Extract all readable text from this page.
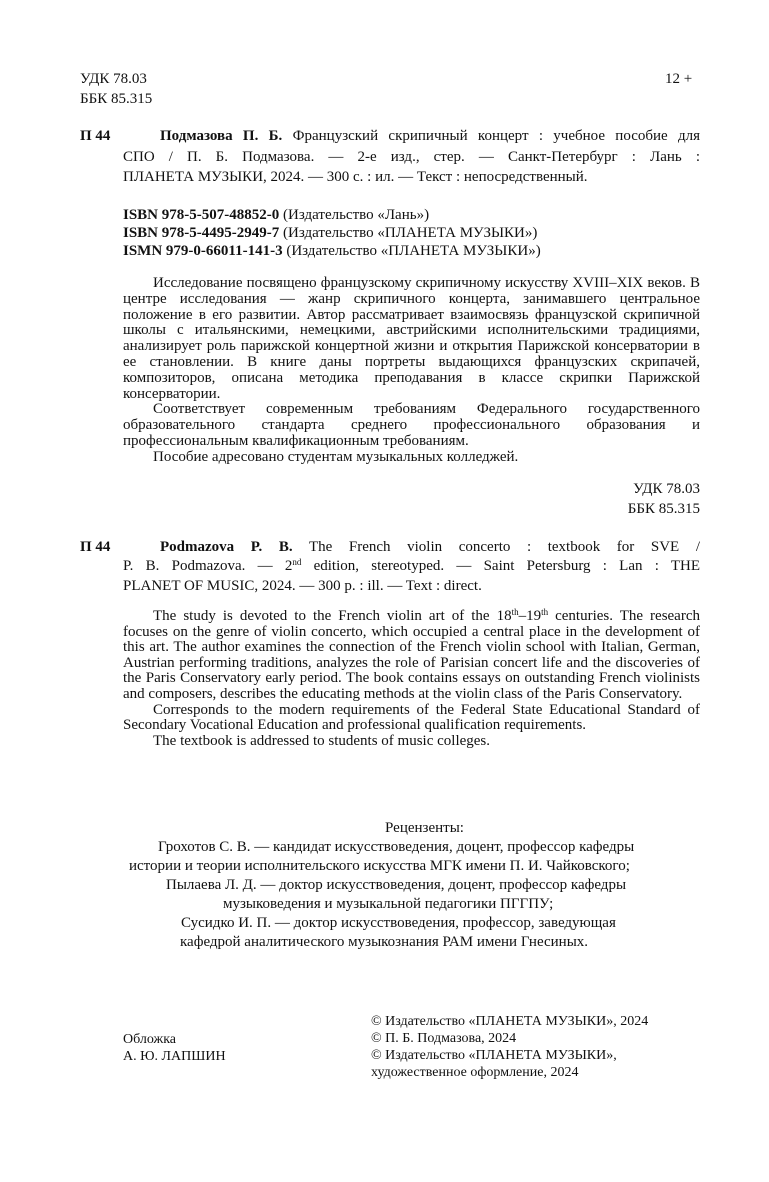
УДК 78.03
ББК 85.315
12 +
П 44	Подмазова П. Б. Французский скрипичный концерт : учебное пособие для
СПО / П. Б. Подмазова. — 2-е изд., стер. — Санкт-Петербург : Лань :
ПЛАНЕТА МУЗЫКИ, 2024. — 300 с. : ил. — Текст : непосредственный.
ISBN 978-5-507-48852-0 (Издательство «Лань»)
ISBN 978-5-4495-2949-7 (Издательство «ПЛАНЕТА МУЗЫКИ»)
ISMN 979-0-66011-141-3 (Издательство «ПЛАНЕТА МУЗЫКИ»)

Исследование посвящено французскому скрипичному искусству XVIII–XIX веков. В центре исследования — жанр скрипичного концерта, занимавшего центральное положение в его развитии. Автор рассматривает взаимосвязь французской скрипичной школы с итальянскими, немецкими, австрийскими исполнительскими традициями, анализирует роль парижской концертной жизни и открытия Парижской консерватории в ее становлении. В книге даны портреты выдающихся французских скрипачей, композиторов, описана методика преподавания в классе скрипки Парижской консерватории.

Соответствует современным требованиям Федерального государственного образовательного стандарта среднего профессионального образования и профессиональным квалификационным требованиям.

Пособие адресовано студентам музыкальных колледжей.

УДК 78.03
ББК 85.315
П 44	Podmazova P. B. The French violin concerto : textbook for SVE /
P. B. Podmazova. — 2nd edition, stereotyped. — Saint Petersburg : Lan : THE
PLANET OF MUSIC, 2024. — 300 p. : ill. — Text : direct.

The study is devoted to the French violin art of the 18th–19th centuries. The research focuses on the genre of violin concerto, which occupied a central place in the development of this art. The author examines the connection of the French violin school with Italian, German, Austrian performing traditions, analyzes the role of Parisian concert life and the discoveries of the Paris Conservatory early period. The book contains essays on outstanding French violinists and composers, describes the educating methods at the violin class of the Paris Conservatory.

Corresponds to the modern requirements of the Federal State Educational Standard of Secondary Vocational Education and professional qualification requirements.

The textbook is addressed to students of music colleges.

Рецензенты:
Грохотов С. В. — кандидат искусствоведения, доцент, профессор кафедры
истории и теории исполнительского искусства МГК имени П. И. Чайковского;
Пылаева Л. Д. — доктор искусствоведения, доцент, профессор кафедры
музыковедения и музыкальной педагогики ПГГПУ;
Сусидко И. П. — доктор искусствоведения, профессор, заведующая
кафедрой аналитического музыкознания РАМ имени Гнесиных.
Обложка
А. Ю. ЛАПШИН
© Издательство «ПЛАНЕТА МУЗЫКИ», 2024
© П. Б. Подмазова, 2024
© Издательство «ПЛАНЕТА МУЗЫКИ»,
художественное оформление, 2024
